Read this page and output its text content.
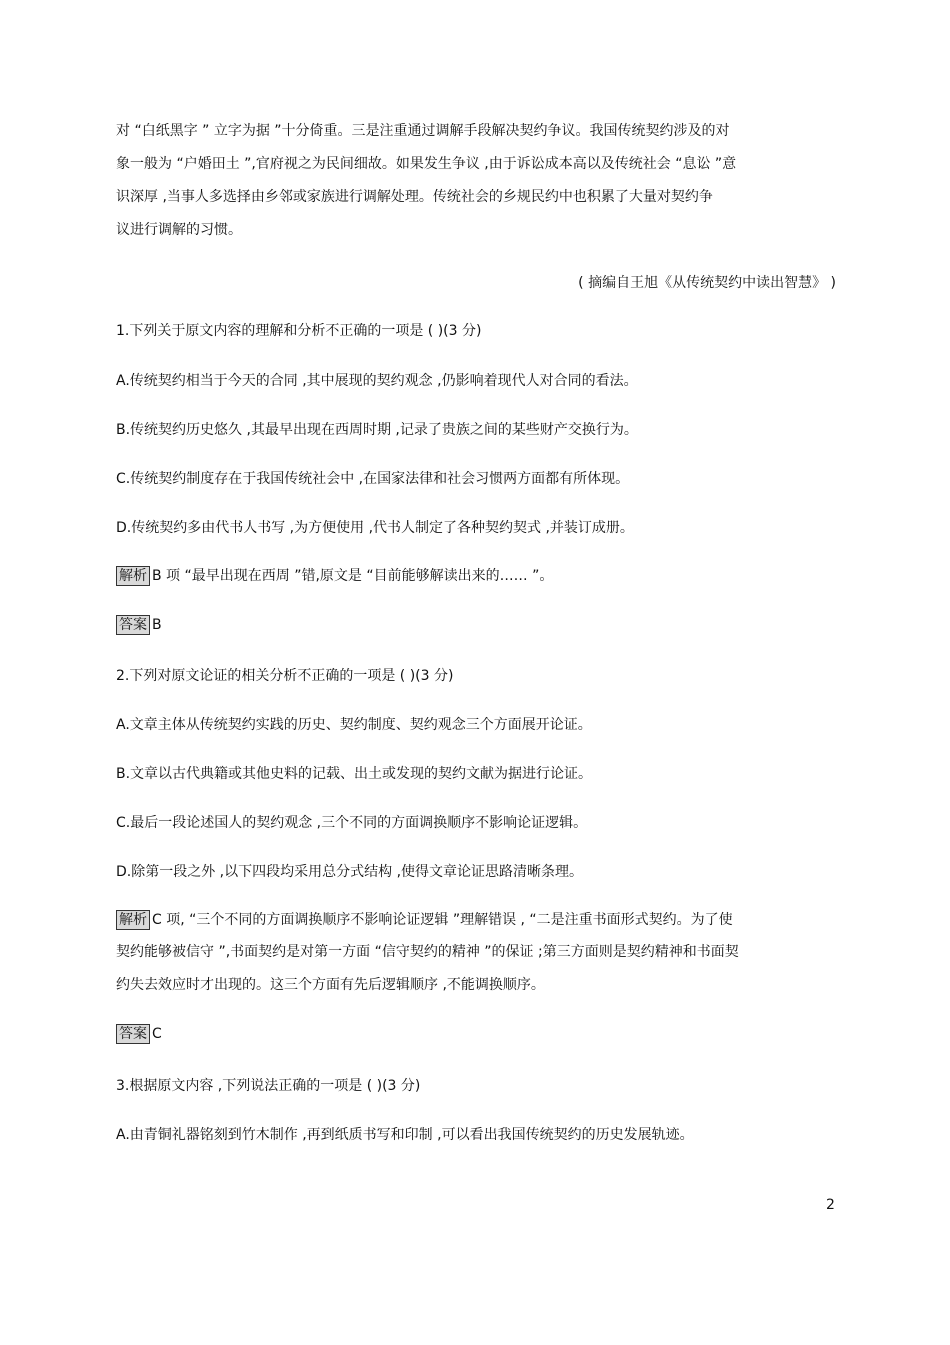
对 “白纸黑字 ” 立字为据 ”十分倚重。三是注重通过调解手段解决契约争议。我国传统契约涉及的对
象一般为 “户婚田土 ”,官府视之为民间细故。如果发生争议 ,由于诉讼成本高以及传统社会 “息讼 ”意
识深厚 ,当事人多选择由乡邻或家族进行调解处理。传统社会的乡规民约中也积累了大量对契约争
议进行调解的习惯。
( 摘编自王旭《从传统契约中读出智慧》 )
1.下列关于原文内容的理解和分析不正确的一项是 ( )(3 分)
A.传统契约相当于今天的合同 ,其中展现的契约观念 ,仍影响着现代人对合同的看法。
B.传统契约历史悠久 ,其最早出现在西周时期 ,记录了贵族之间的某些财产交换行为。
C.传统契约制度存在于我国传统社会中 ,在国家法律和社会习惯两方面都有所体现。
D.传统契约多由代书人书写 ,为方便使用 ,代书人制定了各种契约契式 ,并装订成册。
解析 B 项 “最早出现在西周 ”错,原文是 “目前能够解读出来的…… ”。
答案 B
2.下列对原文论证的相关分析不正确的一项是 ( )(3 分)
A.文章主体从传统契约实践的历史、契约制度、契约观念三个方面展开论证。
B.文章以古代典籍或其他史料的记载、出土或发现的契约文献为据进行论证。
C.最后一段论述国人的契约观念 ,三个不同的方面调换顺序不影响论证逻辑。
D.除第一段之外 ,以下四段均采用总分式结构 ,使得文章论证思路清晰条理。
解析 C 项, “三个不同的方面调换顺序不影响论证逻辑 ”理解错误 , “二是注重书面形式契约。为了使
契约能够被信守 ”,书面契约是对第一方面 “信守契约的精神 ”的保证 ;第三方面则是契约精神和书面契
约失去效应时才出现的。这三个方面有先后逻辑顺序 ,不能调换顺序。
答案 C
3.根据原文内容 ,下列说法正确的一项是 ( )(3 分)
A.由青铜礼器铭刻到竹木制作 ,再到纸质书写和印制 ,可以看出我国传统契约的历史发展轨迹。
2
